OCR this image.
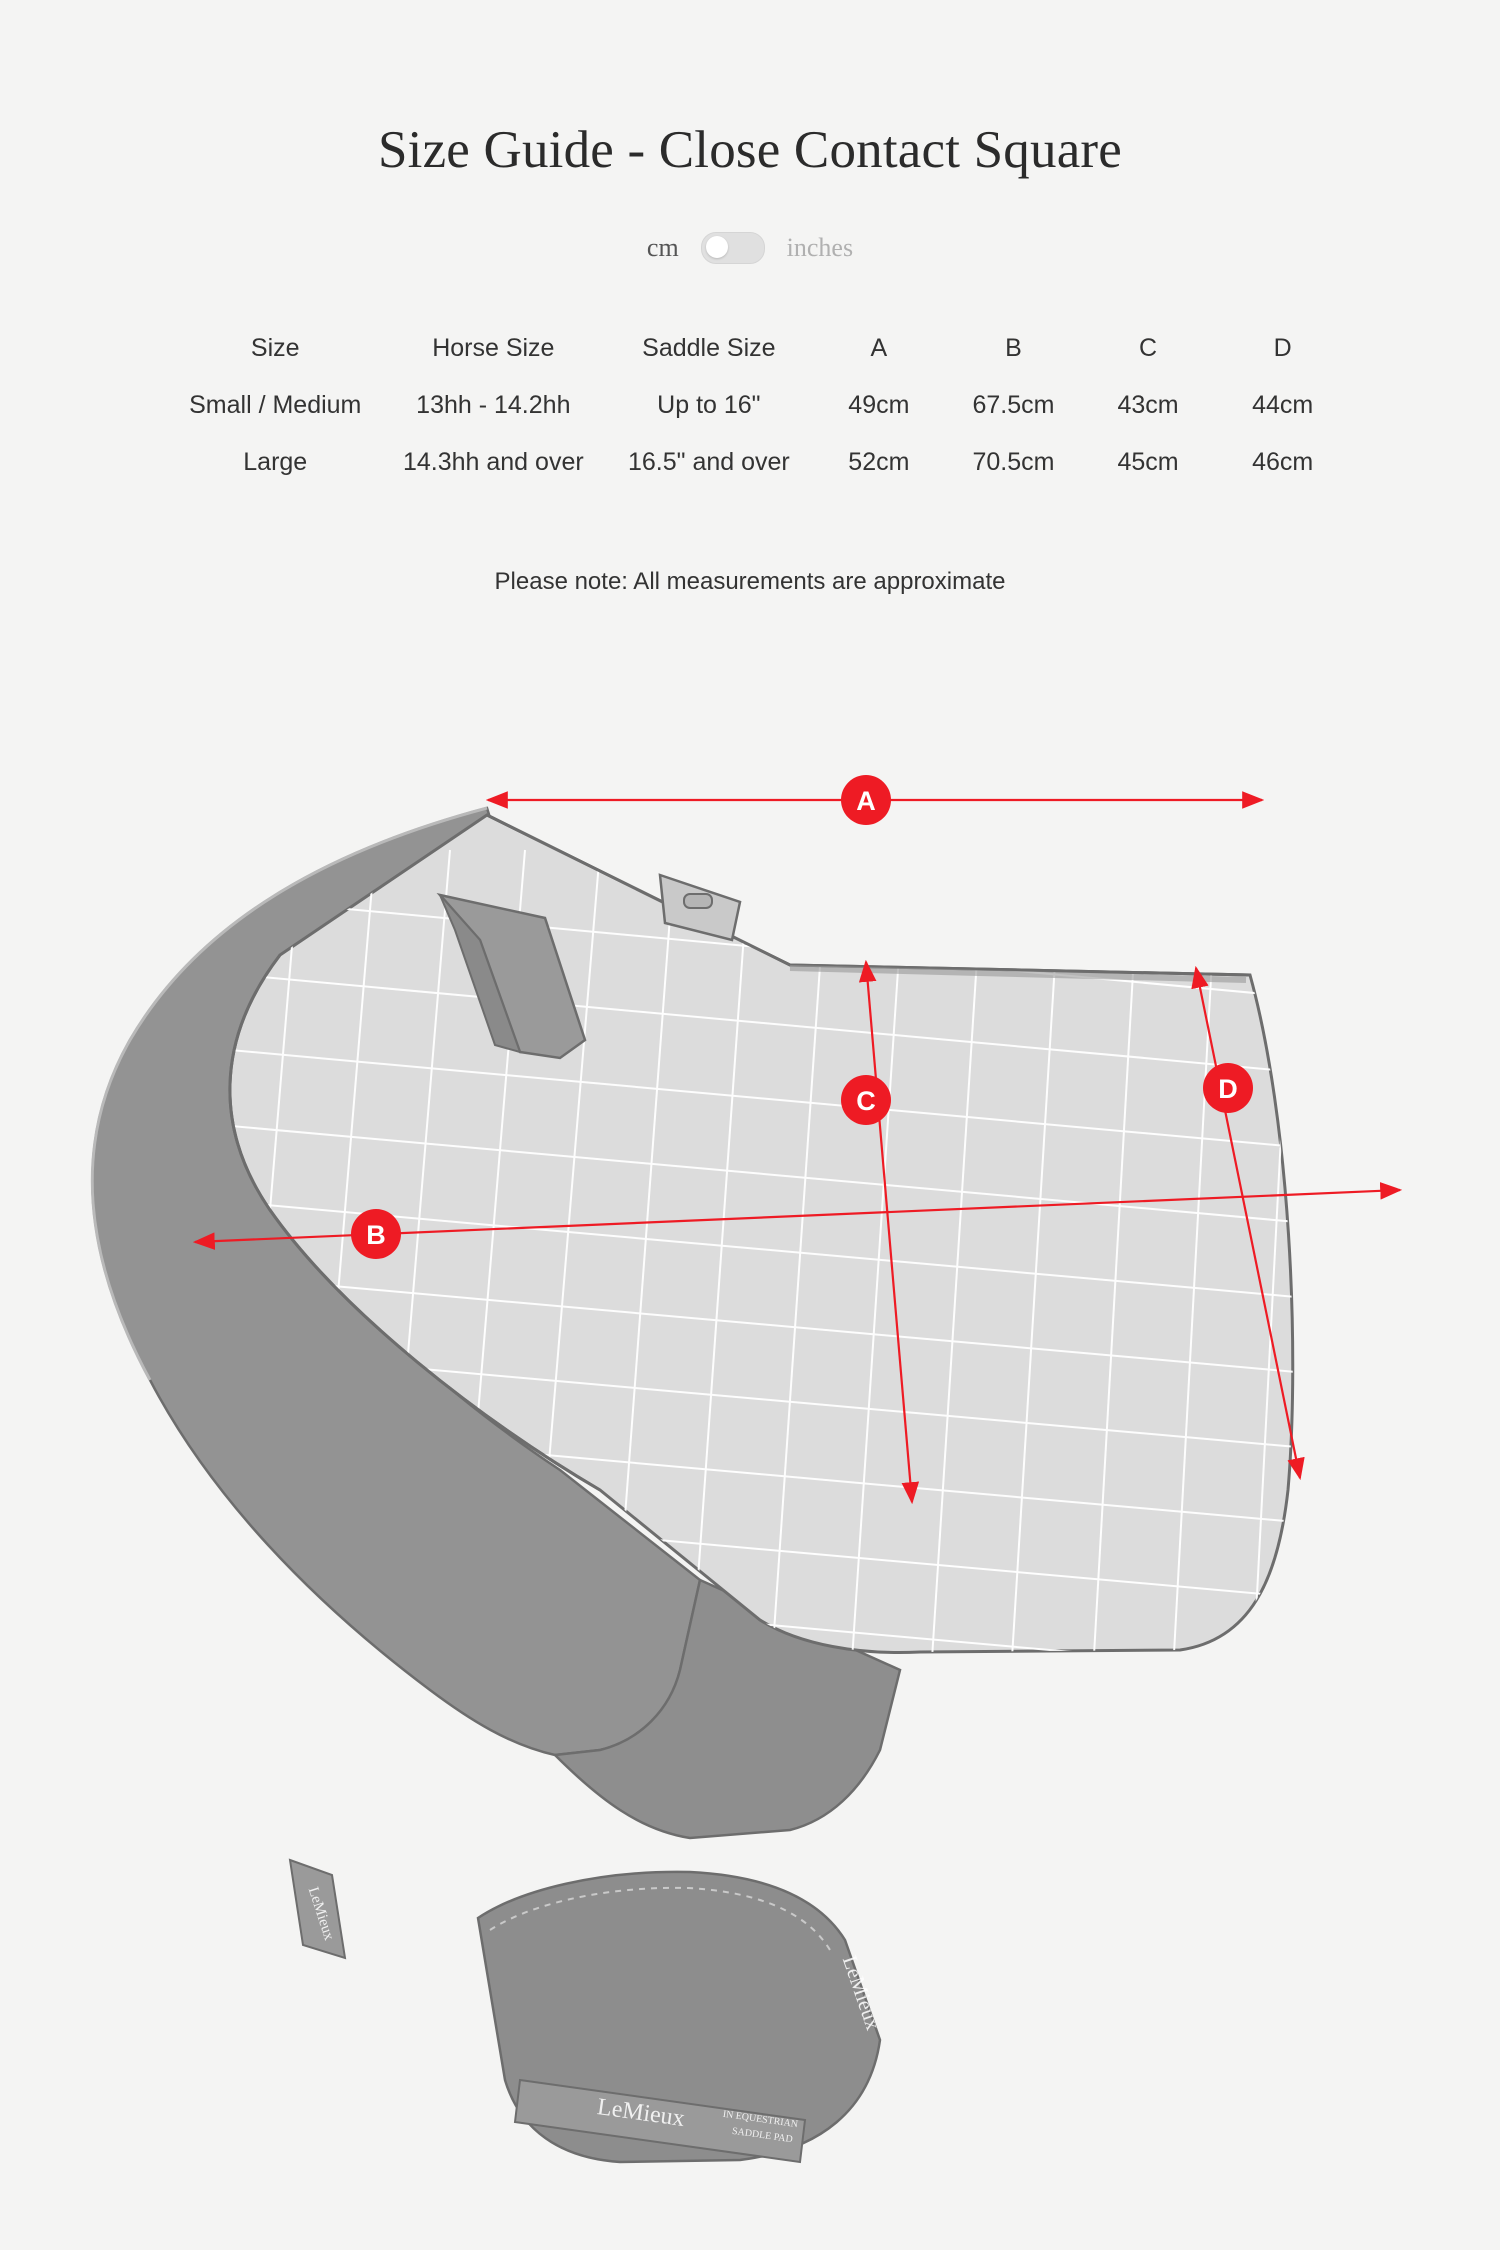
Size Guide - Close Contact Square
cm	inches
Size	Horse Size	Saddle Size	A	B	C	D
Small / Medium	13hh - 14.2hh	Up to 16"	49cm	67.5cm	43cm	44cm
Large	14.3hh and over	16.5" and over	52cm	70.5cm	45cm	46cm
Please note: All measurements are approximate
LeMieux
LeMieux
LeMieux	IN EQUESTRIAN
SADDLE PAD
A
B
C	D
